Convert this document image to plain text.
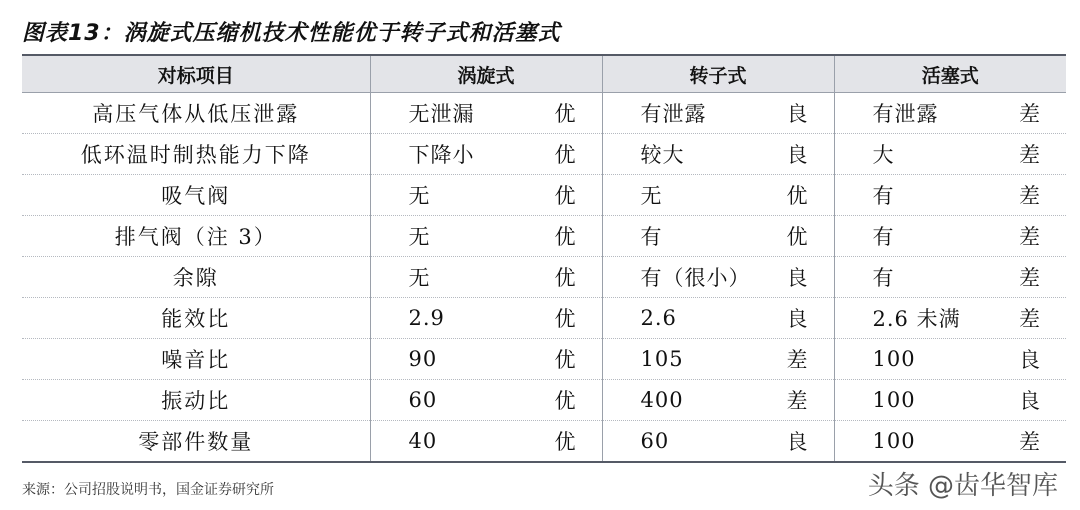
图表13：涡旋式压缩机技术性能优于转子式和活塞式
对标项目	涡旋式	转子式	活塞式
高压气体从低压泄露	无泄漏 优	有泄露 良	有泄露 差

低环温时制热能力下降	下降小 优	较大 良	大 差

吸气阀	无 优	无 优	有 差

排气阀（注 3）	无 优	有 优	有 差

余隙	无 优	有（很小） 良	有 差

能效比	2.9 优	2.6 良	2.6 未满 差

噪音比	90 优	105 差	100 良

振动比	60 优	400 差	100 良

零部件数量	40 优	60 良	100 差
来源：公司招股说明书，国金证券研究所	头条 @齿华智库
